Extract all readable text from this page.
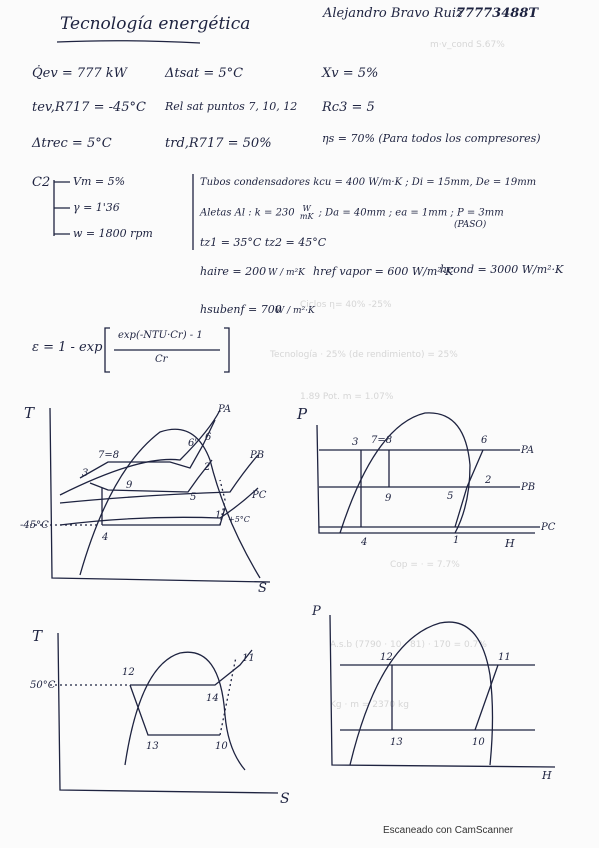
m·v_cond S.67%
Ciclos η= 40% -25%
Tecnología · 25% (de rendimiento) = 25%
1.89 Pot. m = 1.07%
Cop = · = 7.7%
A.s.b (7790 · 10 · 81) · 170 = 0.7%
Kg · m = 2370 kg
Tecnología energética
Alejandro Bravo Ruiz
77773488T
Q̇ev = 777 kW	Δtsat = 5°C	Xv = 5%
tev,R717 = -45°C Rel sat puntos 7, 10, 12 Rc3 = 5
Δtrec = 5°C	trd,R717 = 50%	ηs = 70% (Para todos los compresores)
C2 Vm = 5%
γ = 1'36
w = 1800 rpm
Tubos condensadores kcu = 400 W/m·K ; Di = 15mm, De = 19mm
Aletas Al : k = 230 W
mK ; Da = 40mm ; ea = 1mm ; P = 3mm
(PASO)
tz1 = 35°C tz2 = 45°C
haire = 200 W / m²K href vapor = 600 W/m²·K
hcond = 3000 W/m²·K
hsubenf = 700
W / m²·K
ε = 1 - exp
exp(-NTU·Cr) - 1
Cr
T
S
-45°C
3
7=8
9
2
5
1
4
6
6'
PA
PB
PC
+5°C
P
H
3 7=8
9	5
2
6
4	1
PA
PB
PC
T
S
50°C
12
13	10
14
11
P
H
12
13	10
11
Escaneado con CamScanner
